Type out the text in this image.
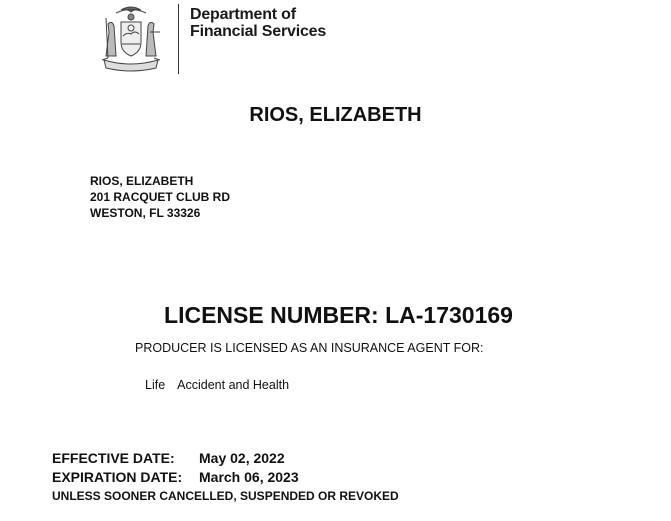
Department of
Financial Services
RIOS, ELIZABETH
RIOS, ELIZABETH
201 RACQUET CLUB RD
WESTON, FL 33326
LICENSE NUMBER: LA-1730169
PRODUCER IS LICENSED AS AN INSURANCE AGENT FOR:
Life Accident and Health
EFFECTIVE DATE:	May 02, 2022
EXPIRATION DATE:	March 06, 2023
UNLESS SOONER CANCELLED, SUSPENDED OR REVOKED
